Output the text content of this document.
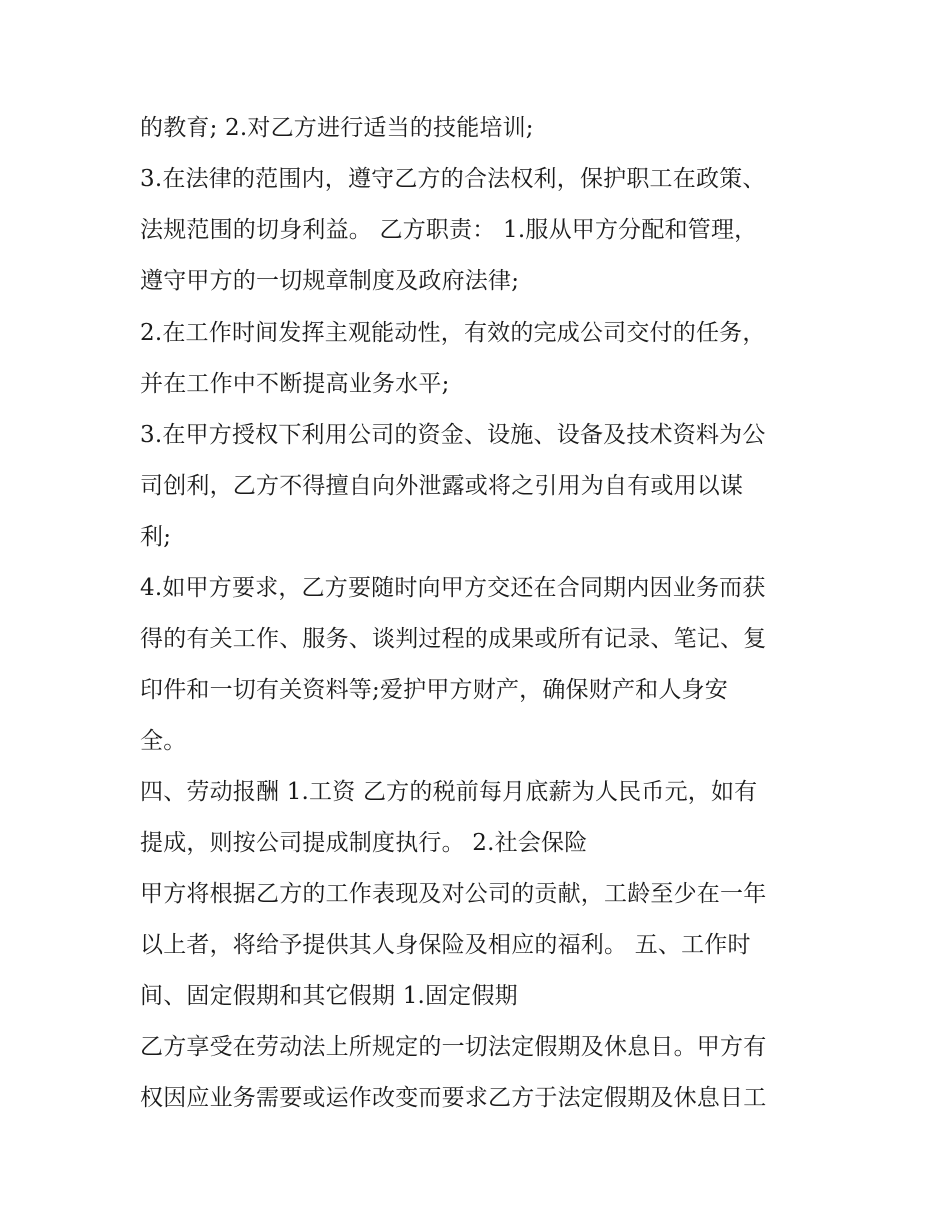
的教育; 2.对乙方进行适当的技能培训;
3.在法律的范围内，遵守乙方的合法权利，保护职工在政策、
法规范围的切身利益。 乙方职责： 1.服从甲方分配和管理，
遵守甲方的一切规章制度及政府法律;
2.在工作时间发挥主观能动性，有效的完成公司交付的任务，
并在工作中不断提高业务水平;
3.在甲方授权下利用公司的资金、设施、设备及技术资料为公
司创利，乙方不得擅自向外泄露或将之引用为自有或用以谋
利;
4.如甲方要求，乙方要随时向甲方交还在合同期内因业务而获
得的有关工作、服务、谈判过程的成果或所有记录、笔记、复
印件和一切有关资料等;爱护甲方财产，确保财产和人身安
全。
四、劳动报酬 1.工资 乙方的税前每月底薪为人民币元，如有
提成，则按公司提成制度执行。 2.社会保险
甲方将根据乙方的工作表现及对公司的贡献，工龄至少在一年
以上者，将给予提供其人身保险及相应的福利。 五、工作时
间、固定假期和其它假期 1.固定假期
乙方享受在劳动法上所规定的一切法定假期及休息日。甲方有
权因应业务需要或运作改变而要求乙方于法定假期及休息日工
